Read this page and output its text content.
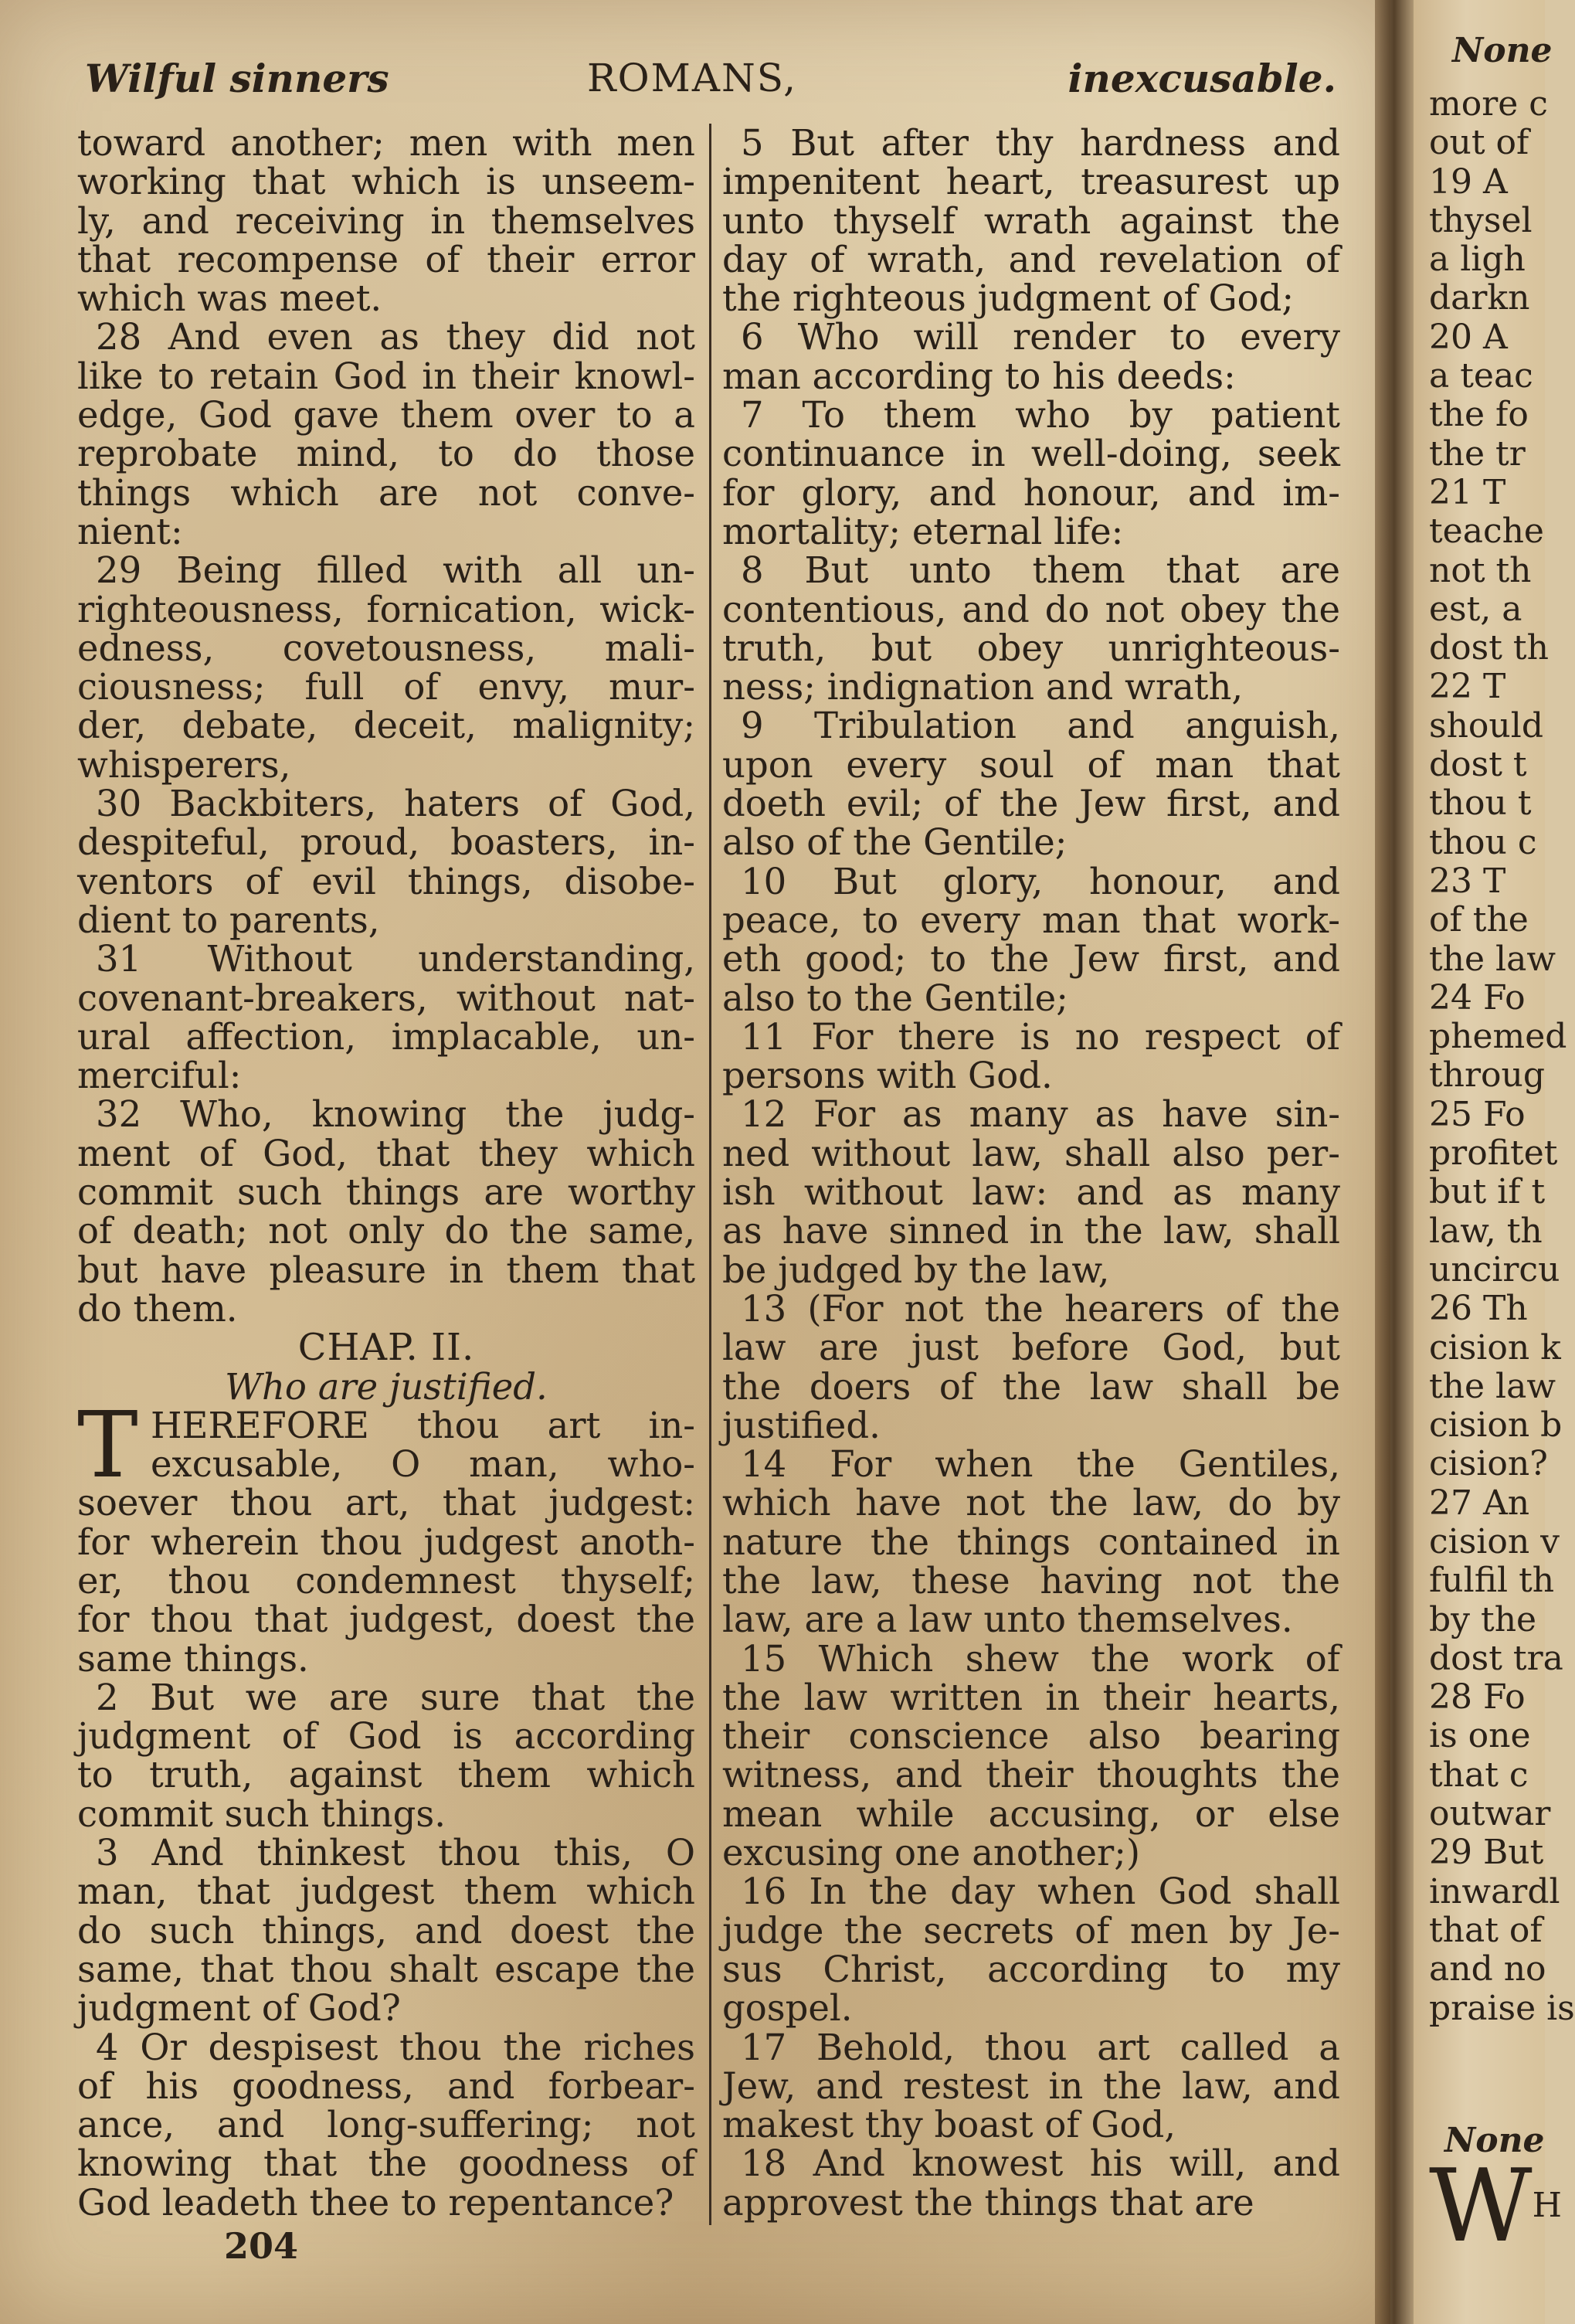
Wilful sinners	ROMANS,	inexcusable.
toward another; men with men
working that which is unseem-
ly, and receiving in themselves
that recompense of their error
which was meet.
28 And even as they did not
like to retain God in their knowl-
edge, God gave them over to a
reprobate mind, to do those
things which are not conve-
nient:
29 Being filled with all un-
righteousness, fornication, wick-
edness, covetousness, mali-
ciousness; full of envy, mur-
der, debate, deceit, malignity;
whisperers,
30 Backbiters, haters of God,
despiteful, proud, boasters, in-
ventors of evil things, disobe-
dient to parents,
31 Without understanding,
covenant-breakers, without nat-
ural affection, implacable, un-
merciful:
32 Who, knowing the judg-
ment of God, that they which
commit such things are worthy
of death; not only do the same,
but have pleasure in them that
do them.
CHAP. II.
Who are justified.
T HEREFORE thou art in-
excusable, O man, who-
soever thou art, that judgest:
for wherein thou judgest anoth-
er, thou condemnest thyself;
for thou that judgest, doest the
same things.
2 But we are sure that the
judgment of God is according
to truth, against them which
commit such things.
3 And thinkest thou this, O
man, that judgest them which
do such things, and doest the
same, that thou shalt escape the
judgment of God?
4 Or despisest thou the riches
of his goodness, and forbear-
ance, and long-suffering; not
knowing that the goodness of
God leadeth thee to repentance?
5 But after thy hardness and
impenitent heart, treasurest up
unto thyself wrath against the
day of wrath, and revelation of
the righteous judgment of God;
6 Who will render to every
man according to his deeds:
7 To them who by patient
continuance in well-doing, seek
for glory, and honour, and im-
mortality; eternal life:
8 But unto them that are
contentious, and do not obey the
truth, but obey unrighteous-
ness; indignation and wrath,
9 Tribulation and anguish,
upon every soul of man that
doeth evil; of the Jew first, and
also of the Gentile;
10 But glory, honour, and
peace, to every man that work-
eth good; to the Jew first, and
also to the Gentile;
11 For there is no respect of
persons with God.
12 For as many as have sin-
ned without law, shall also per-
ish without law: and as many
as have sinned in the law, shall
be judged by the law,
13 (For not the hearers of the
law are just before God, but
the doers of the law shall be
justified.
14 For when the Gentiles,
which have not the law, do by
nature the things contained in
the law, these having not the
law, are a law unto themselves.
15 Which shew the work of
the law written in their hearts,
their conscience also bearing
witness, and their thoughts the
mean while accusing, or else
excusing one another;)
16 In the day when God shall
judge the secrets of men by Je-
sus Christ, according to my
gospel.
17 Behold, thou art called a
Jew, and restest in the law, and
makest thy boast of God,
18 And knowest his will, and
approvest the things that are
204
None
more c
out of
19 A
thysel
a ligh
darkn
20 A
a teac
the fo
the tr
21 T
teache
not th
est, a
dost th
22 T
should
dost t
thou t
thou c
23 T
of the
the law
24 Fo
phemed
throug
25 Fo
profitet
but if t
law, th
uncircu
26 Th
cision k
the law
cision b
cision?
27 An
cision v
fulfil th
by the
dost tra
28 Fo
is one
that c
outwar
29 But
inwardl
that of
and no
praise is
None
$W^H$
